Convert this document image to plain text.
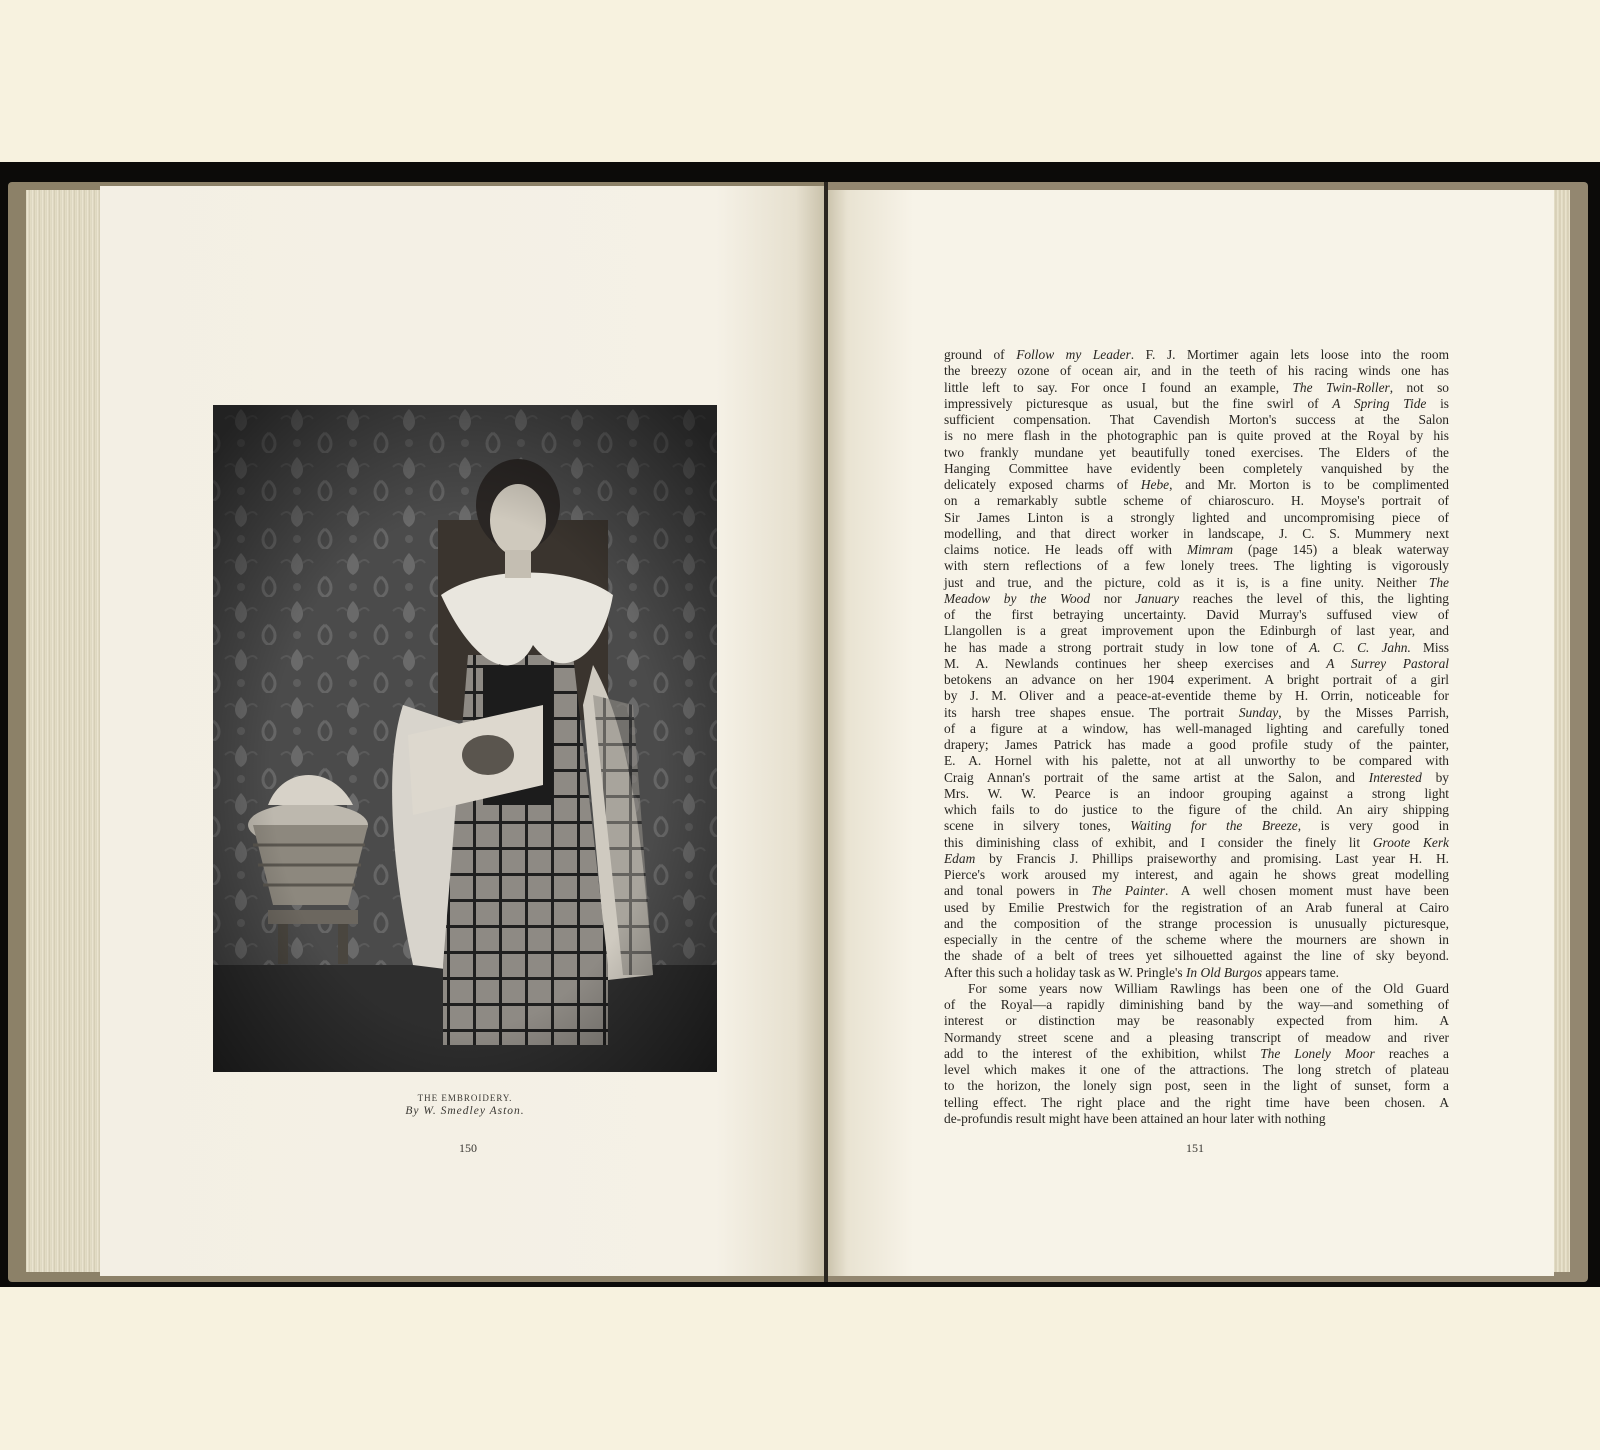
THE EMBROIDERY.
By W. Smedley Aston.
150	151
ground of Follow my Leader. F. J. Mortimer again lets loose into the room
the breezy ozone of ocean air, and in the teeth of his racing winds one has
little left to say. For once I found an example, The Twin-Roller, not so
impressively picturesque as usual, but the fine swirl of A Spring Tide is
sufficient compensation. That Cavendish Morton's success at the Salon
is no mere flash in the photographic pan is quite proved at the Royal by his
two frankly mundane yet beautifully toned exercises. The Elders of the
Hanging Committee have evidently been completely vanquished by the
delicately exposed charms of Hebe, and Mr. Morton is to be complimented
on a remarkably subtle scheme of chiaroscuro. H. Moyse's portrait of
Sir James Linton is a strongly lighted and uncompromising piece of
modelling, and that direct worker in landscape, J. C. S. Mummery next
claims notice. He leads off with Mimram (page 145) a bleak waterway
with stern reflections of a few lonely trees. The lighting is vigorously
just and true, and the picture, cold as it is, is a fine unity. Neither The
Meadow by the Wood nor January reaches the level of this, the lighting
of the first betraying uncertainty. David Murray's suffused view of
Llangollen is a great improvement upon the Edinburgh of last year, and
he has made a strong portrait study in low tone of A. C. C. Jahn. Miss
M. A. Newlands continues her sheep exercises and A Surrey Pastoral
betokens an advance on her 1904 experiment. A bright portrait of a girl
by J. M. Oliver and a peace-at-eventide theme by H. Orrin, noticeable for
its harsh tree shapes ensue. The portrait Sunday, by the Misses Parrish,
of a figure at a window, has well-managed lighting and carefully toned
drapery; James Patrick has made a good profile study of the painter,
E. A. Hornel with his palette, not at all unworthy to be compared with
Craig Annan's portrait of the same artist at the Salon, and Interested by
Mrs. W. W. Pearce is an indoor grouping against a strong light
which fails to do justice to the figure of the child. An airy shipping
scene in silvery tones, Waiting for the Breeze, is very good in
this diminishing class of exhibit, and I consider the finely lit Groote Kerk
Edam by Francis J. Phillips praiseworthy and promising. Last year H. H.
Pierce's work aroused my interest, and again he shows great modelling
and tonal powers in The Painter. A well chosen moment must have been
used by Emilie Prestwich for the registration of an Arab funeral at Cairo
and the composition of the strange procession is unusually picturesque,
especially in the centre of the scheme where the mourners are shown in
the shade of a belt of trees yet silhouetted against the line of sky beyond.
After this such a holiday task as W. Pringle's In Old Burgos appears tame.
For some years now William Rawlings has been one of the Old Guard
of the Royal—a rapidly diminishing band by the way—and something of
interest or distinction may be reasonably expected from him. A
Normandy street scene and a pleasing transcript of meadow and river
add to the interest of the exhibition, whilst The Lonely Moor reaches a
level which makes it one of the attractions. The long stretch of plateau
to the horizon, the lonely sign post, seen in the light of sunset, form a
telling effect. The right place and the right time have been chosen. A
de-profundis result might have been attained an hour later with nothing
